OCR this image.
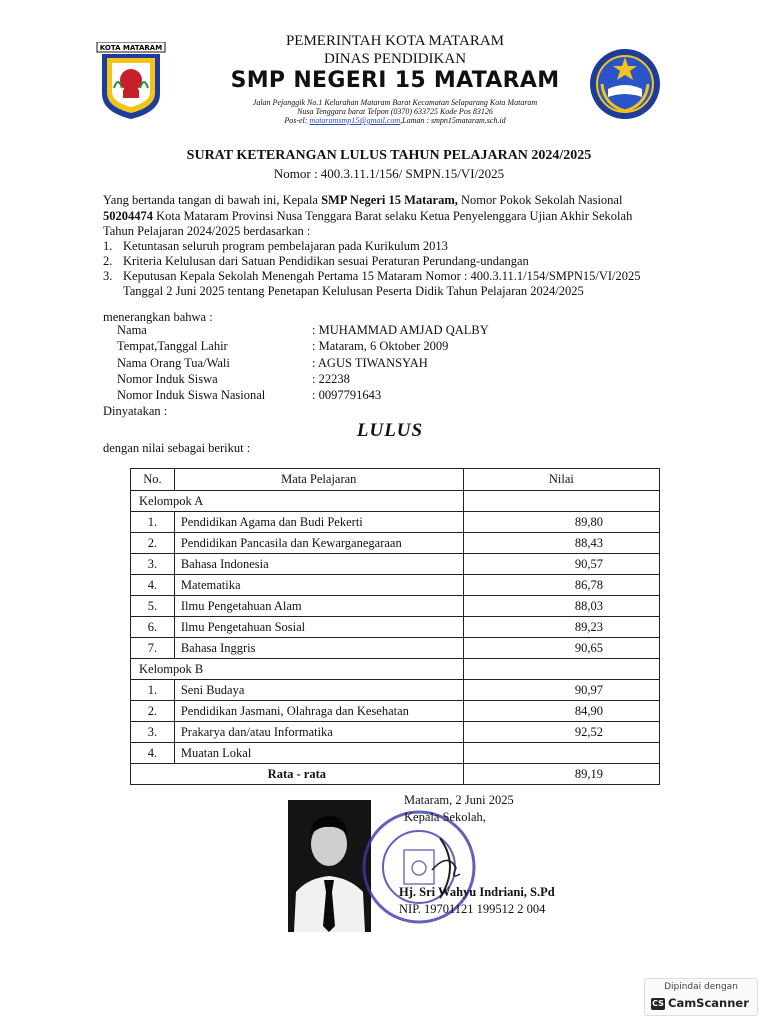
KOTA MATARAM	PEMERINTAH KOTA MATARAM
DINAS PENDIDIKAN
SMP NEGERI 15 MATARAM
Jalan Pejanggik No.1 Kelurahan Mataram Barat Kecamatan Selaparang Kota Mataram
Nusa Tenggara barat Telpon (0370) 633725 Kode Pos 83126
Pos-el: mataramsmp15@gmail.com,Laman : smpn15mataram.sch.id
SURAT KETERANGAN LULUS TAHUN PELAJARAN 2024/2025
Nomor : 400.3.11.1/156/ SMPN.15/VI/2025
Yang bertanda tangan di bawah ini, Kepala SMP Negeri 15 Mataram, Nomor Pokok Sekolah Nasional
50204474 Kota Mataram Provinsi Nusa Tenggara Barat selaku Ketua Penyelenggara Ujian Akhir Sekolah
Tahun Pelajaran 2024/2025 berdasarkan :
1. Ketuntasan seluruh program pembelajaran pada Kurikulum 2013
2. Kriteria Kelulusan dari Satuan Pendidikan sesuai Peraturan Perundang-undangan
3. Keputusan Kepala Sekolah Menengah Pertama 15 Mataram Nomor : 400.3.11.1/154/SMPN15/VI/2025
Tanggal 2 Juni 2025 tentang Penetapan Kelulusan Peserta Didik Tahun Pelajaran 2024/2025
menerangkan bahwa :
Nama	: MUHAMMAD AMJAD QALBY
Tempat,Tanggal Lahir	: Mataram, 6 Oktober 2009
Nama Orang Tua/Wali	: AGUS TIWANSYAH
Nomor Induk Siswa	: 22238
Nomor Induk Siswa Nasional	: 0097791643
Dinyatakan :
LULUS
dengan nilai sebagai berikut :
No.	Mata Pelajaran	Nilai
Kelompok A		
1.	Pendidikan Agama dan Budi Pekerti	89,80
2.	Pendidikan Pancasila dan Kewarganegaraan	88,43
3.	Bahasa Indonesia	90,57
4.	Matematika	86,78
5.	Ilmu Pengetahuan Alam	88,03
6.	Ilmu Pengetahuan Sosial	89,23
7.	Bahasa Inggris	90,65
Kelompok B		
1.	Seni Budaya	90,97
2.	Pendidikan Jasmani, Olahraga dan Kesehatan	84,90
3.	Prakarya dan/atau Informatika	92,52
4.	Muatan Lokal	
Rata - rata		89,19
Mataram, 2 Juni 2025
Kepala Sekolah,
Hj. Sri Wahyu Indriani, S.Pd
NIP. 19701121 199512 2 004
Dipindai dengan
CS CamScanner
